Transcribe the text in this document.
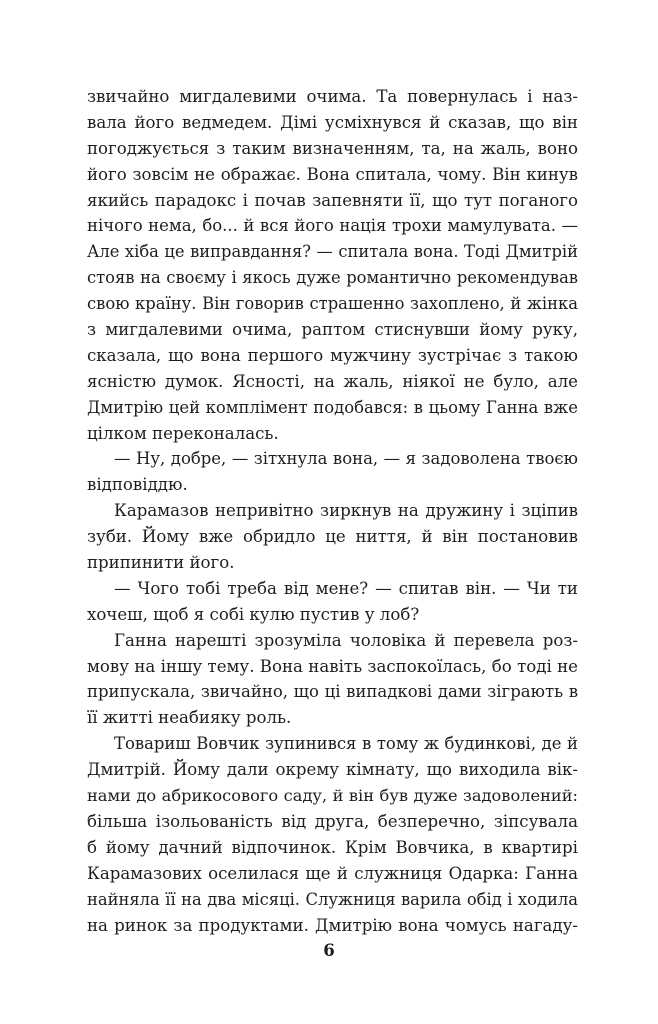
звичайно мигдалевими очима. Та повернулась і наз-
вала його ведмедем. Дімі усміхнувся й сказав, що він
погоджується з таким визначенням, та, на жаль, воно
його зовсім не ображає. Вона спитала, чому. Він кинув
якийсь парадокс і почав запевняти її, що тут поганого
нічого нема, бо... й вся його нація трохи мамулувата. —
Але хіба це виправдання? — спитала вона. Тоді Дмитрій
стояв на своєму і якось дуже романтично рекомендував
свою країну. Він говорив страшенно захоплено, й жінка
з мигдалевими очима, раптом стиснувши йому руку,
сказала, що вона першого мужчину зустрічає з такою
ясністю думок. Ясності, на жаль, ніякої не було, але
Дмитрію цей комплімент подобався: в цьому Ганна вже
цілком переконалась.
— Ну, добре, — зітхнула вона, — я задоволена твоєю
відповіддю.
Карамазов непривітно зиркнув на дружину і зціпив
зуби. Йому вже обридло це ниття, й він постановив
припинити його.
— Чого тобі треба від мене? — спитав він. — Чи ти
хочеш, щоб я собі кулю пустив у лоб?
Ганна нарешті зрозуміла чоловіка й перевела роз-
мову на іншу тему. Вона навіть заспокоїлась, бо тоді не
припускала, звичайно, що ці випадкові дами зіграють в
її житті неабияку роль.
Товариш Вовчик зупинився в тому ж будинкові, де й
Дмитрій. Йому дали окрему кімнату, що виходила вік-
нами до абрикосового саду, й він був дуже задоволений:
більша ізольованість від друга, безперечно, зіпсувала
б йому дачний відпочинок. Крім Вовчика, в квартирі
Карамазових оселилася ще й служниця Одарка: Ганна
найняла її на два місяці. Служниця варила обід і ходила
на ринок за продуктами. Дмитрію вона чомусь нагаду-
6
